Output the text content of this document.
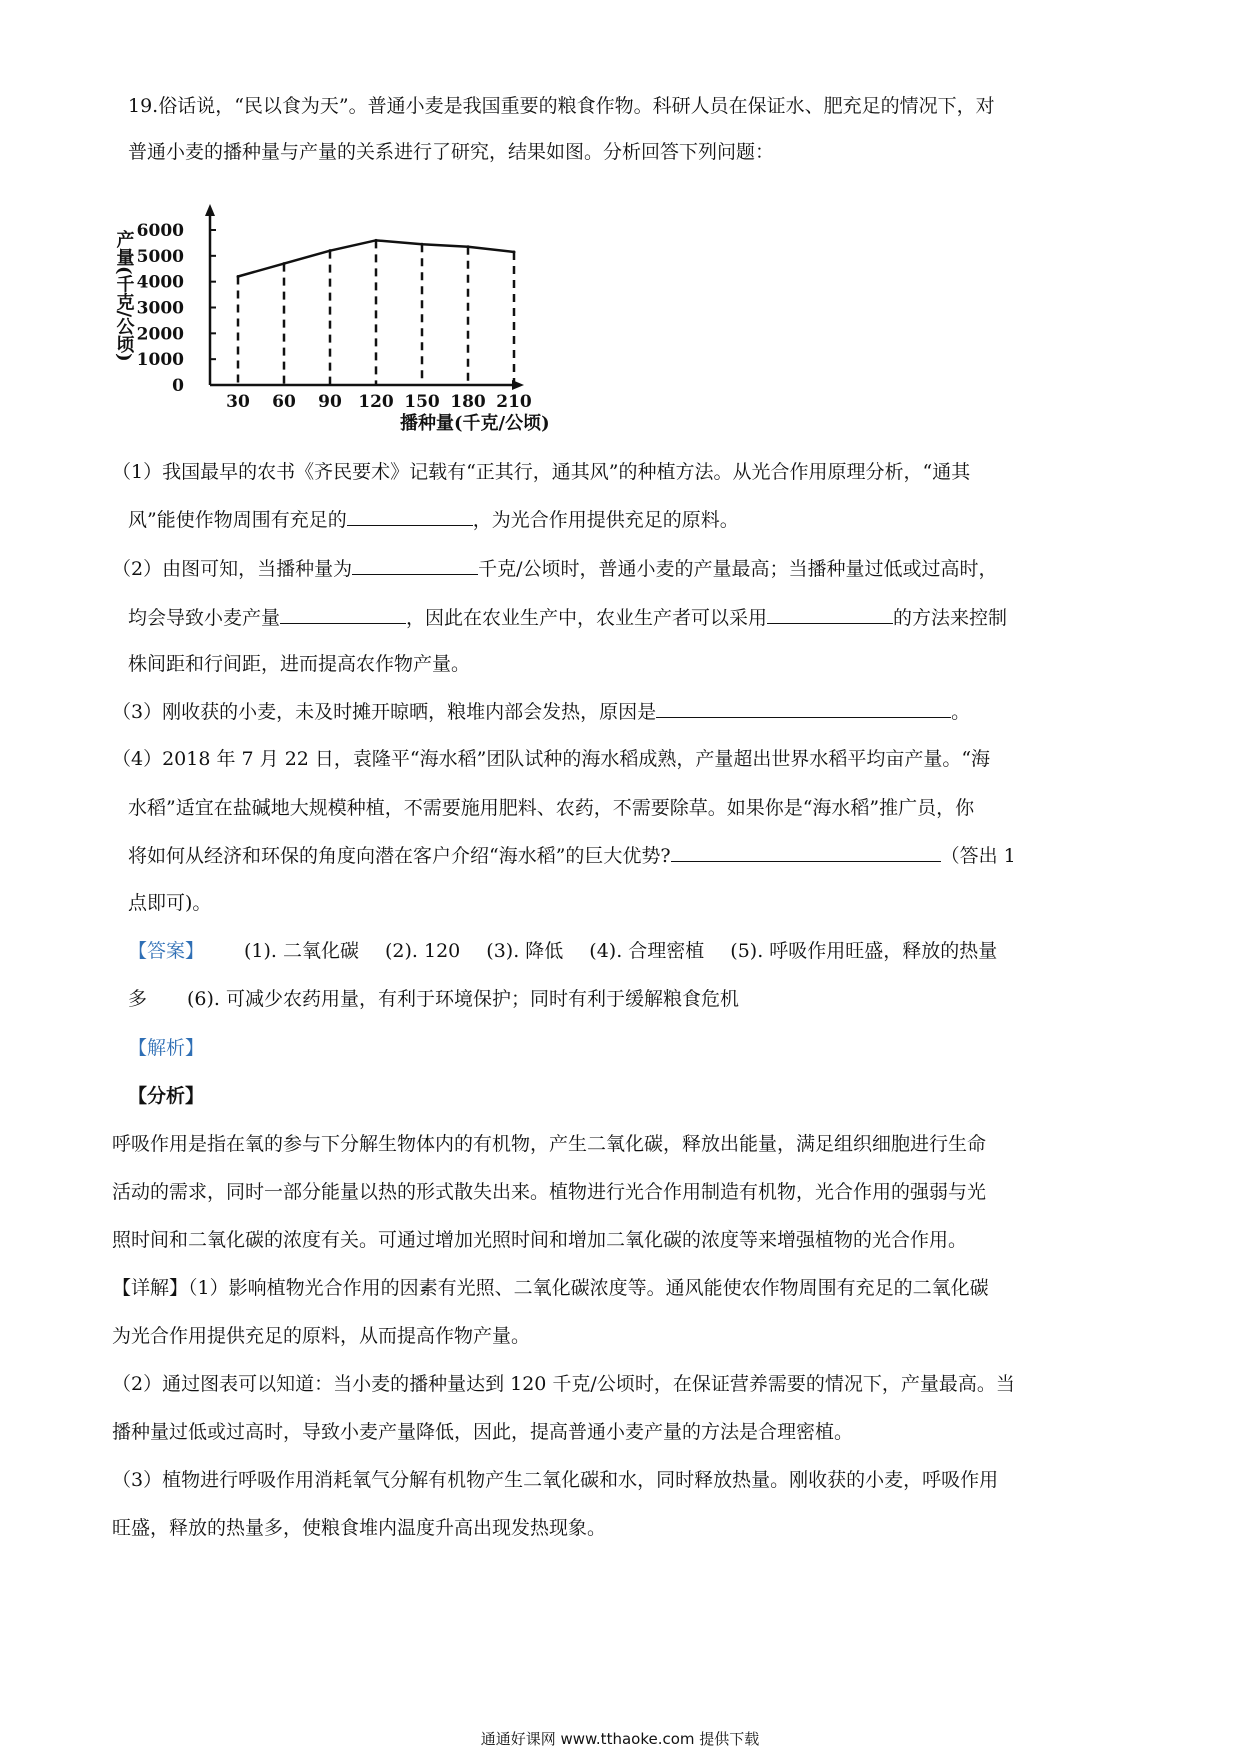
19.俗话说，“民以食为天”。普通小麦是我国重要的粮食作物。科研人员在保证水、肥充足的情况下，对
普通小麦的播种量与产量的关系进行了研究，结果如图。分析回答下列问题：
0
1000
2000
3000
4000
5000
6000
产量(千克/公顷)
30 60 90 120 150 180 210
播种量(千克/公顷)
（1）我国最早的农书《齐民要术》记载有“正其行，通其风”的种植方法。从光合作用原理分析，“通其
风”能使作物周围有充足的	，为光合作用提供充足的原料。
（2）由图可知，当播种量为	千克/公顷时，普通小麦的产量最高；当播种量过低或过高时，
均会导致小麦产量	，因此在农业生产中，农业生产者可以采用	的方法来控制
株间距和行间距，进而提高农作物产量。
（3）刚收获的小麦，未及时摊开晾晒，粮堆内部会发热，原因是	。
（4）2018 年 7 月 22 日，袁隆平“海水稻”团队试种的海水稻成熟，产量超出世界水稻平均亩产量。“海
水稻”适宜在盐碱地大规模种植，不需要施用肥料、农药，不需要除草。如果你是“海水稻”推广员，你
将如何从经济和环保的角度向潜在客户介绍“海水稻”的巨大优势?	（答出 1
点即可)。
【答案】 (1). 二氧化碳 (2). 120 (3). 降低 (4). 合理密植 (5). 呼吸作用旺盛，释放的热量
多 (6). 可减少农药用量，有利于环境保护；同时有利于缓解粮食危机
【解析】
【分析】
呼吸作用是指在氧的参与下分解生物体内的有机物，产生二氧化碳，释放出能量，满足组织细胞进行生命
活动的需求，同时一部分能量以热的形式散失出来。植物进行光合作用制造有机物，光合作用的强弱与光
照时间和二氧化碳的浓度有关。可通过增加光照时间和增加二氧化碳的浓度等来增强植物的光合作用。
【详解】（1）影响植物光合作用的因素有光照、二氧化碳浓度等。通风能使农作物周围有充足的二氧化碳
为光合作用提供充足的原料，从而提高作物产量。
（2）通过图表可以知道：当小麦的播种量达到 120 千克/公顷时，在保证营养需要的情况下，产量最高。当
播种量过低或过高时，导致小麦产量降低，因此，提高普通小麦产量的方法是合理密植。
（3）植物进行呼吸作用消耗氧气分解有机物产生二氧化碳和水，同时释放热量。刚收获的小麦，呼吸作用
旺盛，释放的热量多，使粮食堆内温度升高出现发热现象。
通通好课网 www.tthaoke.com 提供下载
